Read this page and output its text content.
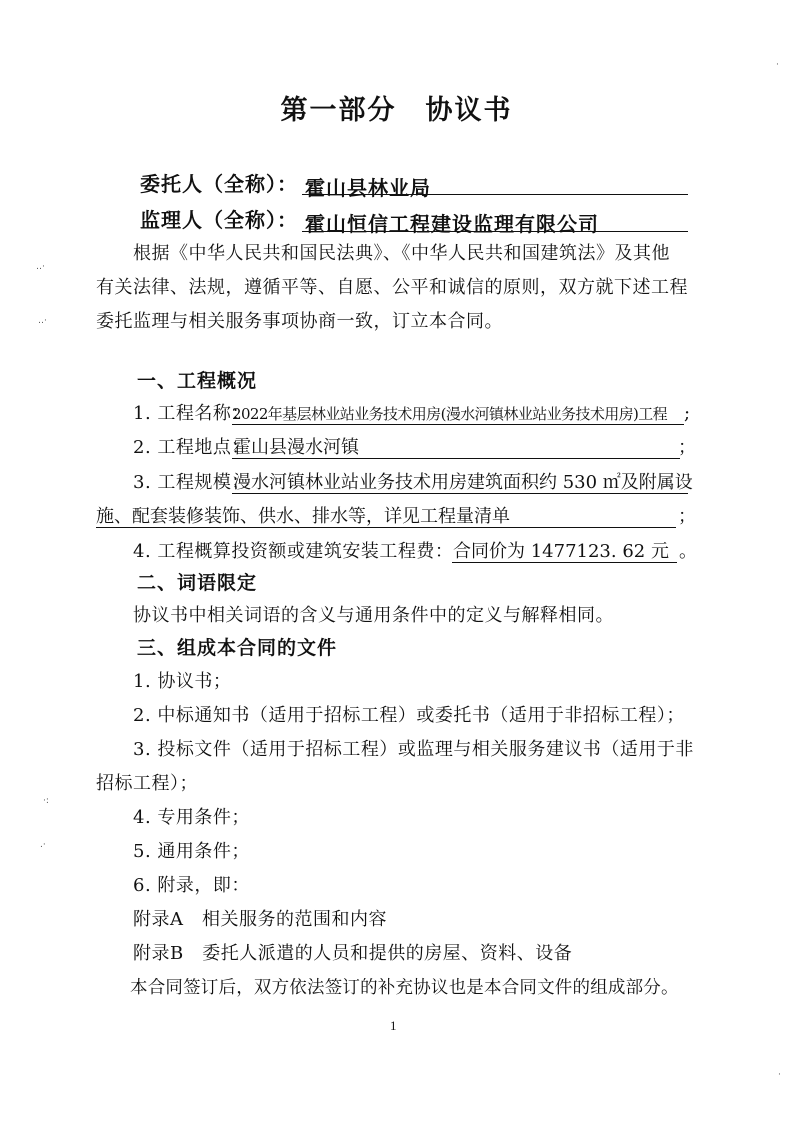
第一部分　协议书
委托人（全称）： 霍山县林业局
监理人（全称）： 霍山恒信工程建设监理有限公司
根据《中华人民共和国民法典》、《中华人民共和国建筑法》及其他
有关法律、法规，遵循平等、自愿、公平和诚信的原则，双方就下述工程
委托监理与相关服务事项协商一致，订立本合同。
一、工程概况
1. 工程名称：
2022年基层林业站业务技术用房(漫水河镇林业站业务技术用房)工程 ;
2. 工程地点：
霍山县漫水河镇	；
3. 工程规模：
漫水河镇林业站业务技术用房建筑面积约 530 ㎡及附属设
施、配套装修装饰、供水、排水等，详见工程量清单	；
4. 工程概算投资额或建筑安装工程费： 合同价为 1477123. 62 元 。
二、词语限定
协议书中相关词语的含义与通用条件中的定义与解释相同。
三、组成本合同的文件
1. 协议书；
2. 中标通知书（适用于招标工程）或委托书（适用于非招标工程）；
3. 投标文件（适用于招标工程）或监理与相关服务建议书（适用于非
招标工程）；
4. 专用条件；
5. 通用条件；
6. 附录，即：
附录A　相关服务的范围和内容
附录B　委托人派遣的人员和提供的房屋、资料、设备
本合同签订后，双方依法签订的补充协议也是本合同文件的组成部分。
1
‥·
‥·
·:
.·
·
·
